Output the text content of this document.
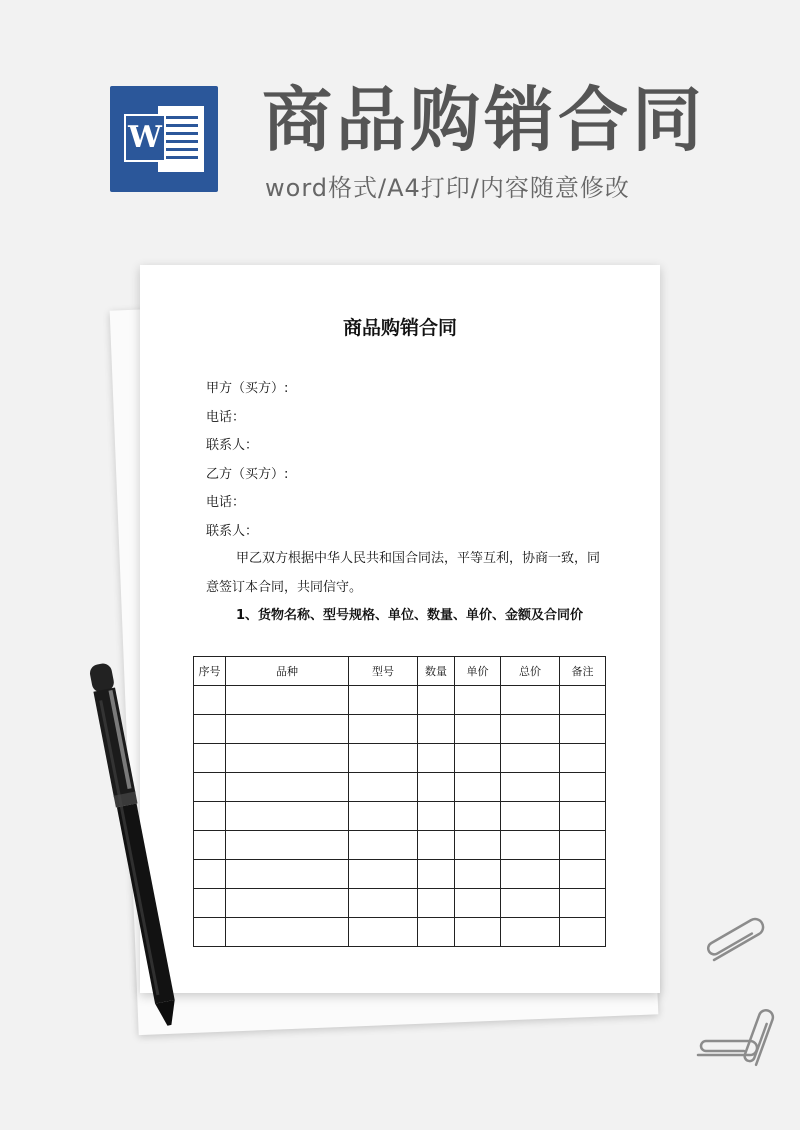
W 商品购销合同
word格式/A4打印/内容随意修改
商品购销合同
甲方（买方）:
电话：
联系人：
乙方（买方）:
电话：
联系人：
甲乙双方根据中华人民共和国合同法，平等互利，协商一致，同意签订本合同，共同信守。
1、货物名称、型号规格、单位、数量、单价、金额及合同价
序号	品种	型号	数量	单价	总价	备注
